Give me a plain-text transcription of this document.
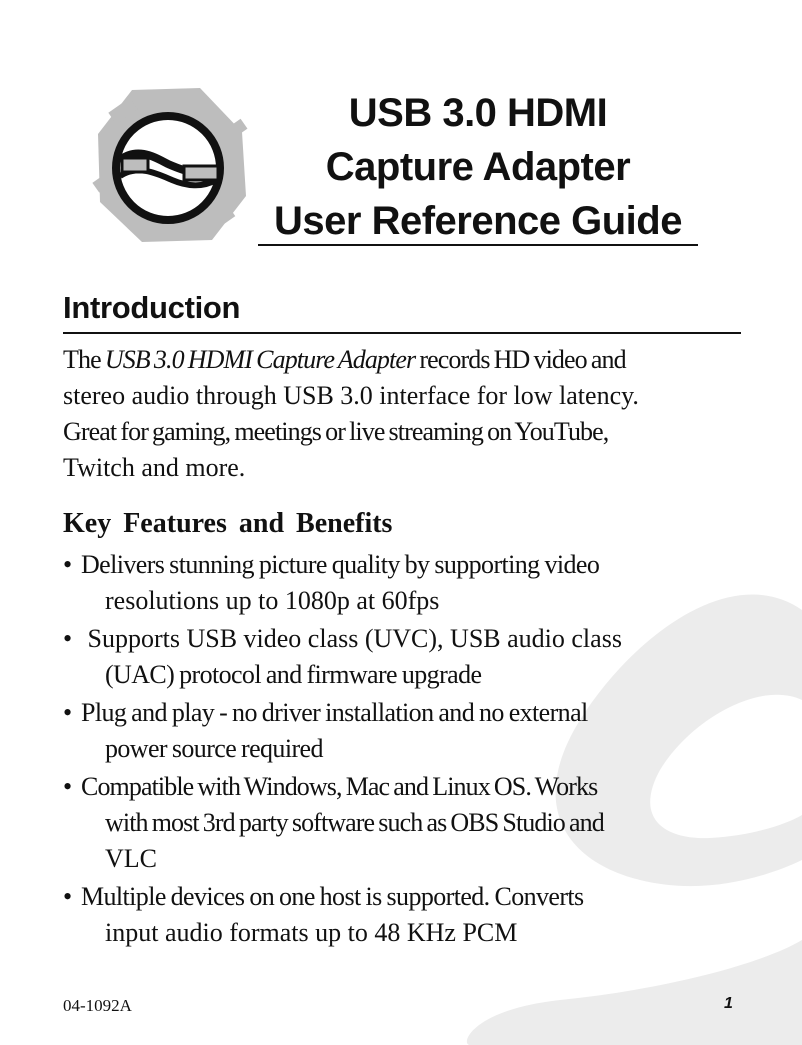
USB 3.0 HDMI
Capture Adapter
User Reference Guide
Introduction
The USB 3.0 HDMI Capture Adapter records HD video and
stereo audio through USB 3.0 interface for low latency.
Great for gaming, meetings or live streaming on YouTube,
Twitch and more.
Key Features and Benefits
• Delivers stunning picture quality by supporting video
resolutions up to 1080p at 60fps
• Supports USB video class (UVC), USB audio class
(UAC) protocol and firmware upgrade
• Plug and play - no driver installation and no external
power source required
• Compatible with Windows, Mac and Linux OS. Works
with most 3rd party software such as OBS Studio and
VLC
• Multiple devices on one host is supported. Converts
input audio formats up to 48 KHz PCM
04-1092A	1
